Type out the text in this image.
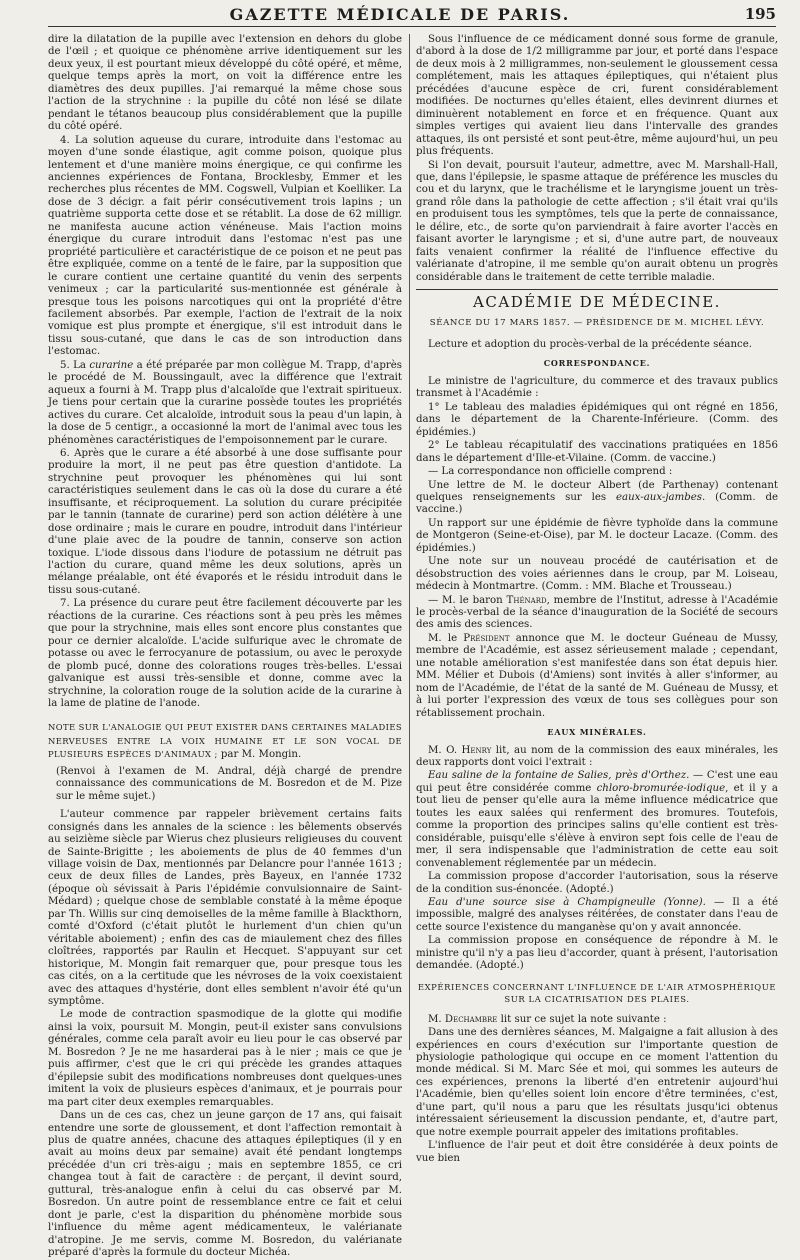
GAZETTE MÉDICALE DE PARIS.	195

dire la dilatation de la pupille avec l'extension en dehors du globe de l'œil ; et quoique ce phénomène arrive identiquement sur les deux yeux, il est pourtant mieux développé du côté opéré, et même, quelque temps après la mort, on voit la différence entre les diamètres des deux pupilles. J'ai remarqué la même chose sous l'action de la strychnine : la pupille du côté non lésé se dilate pendant le tétanos beaucoup plus considérablement que la pupille du côté opéré.

4. La solution aqueuse du curare, introduite dans l'estomac au moyen d'une sonde élastique, agit comme poison, quoique plus lentement et d'une manière moins énergique, ce qui confirme les anciennes expériences de Fontana, Brocklesby, Emmer et les recherches plus récentes de MM. Cogswell, Vulpian et Koelliker. La dose de 3 décigr. a fait périr consécutivement trois lapins ; un quatrième supporta cette dose et se rétablit. La dose de 62 milligr. ne manifesta aucune action vénéneuse. Mais l'action moins énergique du curare introduit dans l'estomac n'est pas une propriété particulière et caractéristique de ce poison et ne peut pas être expliquée, comme on a tenté de le faire, par la supposition que le curare contient une certaine quantité du venin des serpents venimeux ; car la particularité sus-mentionnée est générale à presque tous les poisons narcotiques qui ont la propriété d'être facilement absorbés. Par exemple, l'action de l'extrait de la noix vomique est plus prompte et énergique, s'il est introduit dans le tissu sous-cutané, que dans le cas de son introduction dans l'estomac.

5. La curarine a été préparée par mon collègue M. Trapp, d'après le procédé de M. Boussingault, avec la différence que l'extrait aqueux a fourni à M. Trapp plus d'alcaloïde que l'extrait spiritueux. Je tiens pour certain que la curarine possède toutes les propriétés actives du curare. Cet alcaloïde, introduit sous la peau d'un lapin, à la dose de 5 centigr., a occasionné la mort de l'animal avec tous les phénomènes caractéristiques de l'empoisonnement par le curare.

6. Après que le curare a été absorbé à une dose suffisante pour produire la mort, il ne peut pas être question d'antidote. La strychnine peut provoquer les phénomènes qui lui sont caractéristiques seulement dans le cas où la dose du curare a été insuffisante, et réciproquement. La solution du curare précipitée par le tannin (tannate de curarine) perd son action délétère à une dose ordinaire ; mais le curare en poudre, introduit dans l'intérieur d'une plaie avec de la poudre de tannin, conserve son action toxique. L'iode dissous dans l'iodure de potassium ne détruit pas l'action du curare, quand même les deux solutions, après un mélange préalable, ont été évaporés et le résidu introduit dans le tissu sous-cutané.

7. La présence du curare peut être facilement découverte par les réactions de la curarine. Ces réactions sont à peu près les mêmes que pour la strychnine, mais elles sont encore plus constantes que pour ce dernier alcaloïde. L'acide sulfurique avec le chromate de potasse ou avec le ferrocyanure de potassium, ou avec le peroxyde de plomb pucé, donne des colorations rouges très-belles. L'essai galvanique est aussi très-sensible et donne, comme avec la strychnine, la coloration rouge de la solution acide de la curarine à la lame de platine de l'anode.

NOTE SUR L'ANALOGIE QUI PEUT EXISTER DANS CERTAINES MALADIES NERVEUSES ENTRE LA VOIX HUMAINE ET LE SON VOCAL DE PLUSIEURS ESPÈCES D'ANIMAUX ; par M. Mongin.

(Renvoi à l'examen de M. Andral, déjà chargé de prendre connaissance des communications de M. Bosredon et de M. Pize sur le même sujet.)

L'auteur commence par rappeler brièvement certains faits consignés dans les annales de la science : les bêlements observés au seizième siècle par Wierus chez plusieurs religieuses du couvent de Sainte-Brigitte ; les aboiements de plus de 40 femmes d'un village voisin de Dax, mentionnés par Delancre pour l'année 1613 ; ceux de deux filles de Landes, près Bayeux, en l'année 1732 (époque où sévissait à Paris l'épidémie convulsionnaire de Saint-Médard) ; quelque chose de semblable constaté à la même époque par Th. Willis sur cinq demoiselles de la même famille à Blackthorn, comté d'Oxford (c'était plutôt le hurlement d'un chien qu'un véritable aboiement) ; enfin des cas de miaulement chez des filles cloîtrées, rapportés par Raulin et Hecquet. S'appuyant sur cet historique, M. Mongin fait remarquer que, pour presque tous les cas cités, on a la certitude que les névroses de la voix coexistaient avec des attaques d'hystérie, dont elles semblent n'avoir été qu'un symptôme.

Le mode de contraction spasmodique de la glotte qui modifie ainsi la voix, poursuit M. Mongin, peut-il exister sans convulsions générales, comme cela paraît avoir eu lieu pour le cas observé par M. Bosredon ? Je ne me hasarderai pas à le nier ; mais ce que je puis affirmer, c'est que le cri qui précède les grandes attaques d'épilepsie subit des modifications nombreuses dont quelques-unes imitent la voix de plusieurs espèces d'animaux, et je pourrais pour ma part citer deux exemples remarquables.

Dans un de ces cas, chez un jeune garçon de 17 ans, qui faisait entendre une sorte de gloussement, et dont l'affection remontait à plus de quatre années, chacune des attaques épileptiques (il y en avait au moins deux par semaine) avait été pendant longtemps précédée d'un cri très-aigu ; mais en septembre 1855, ce cri changea tout à fait de caractère : de perçant, il devint sourd, guttural, très-analogue enfin à celui du cas observé par M. Bosredon. Un autre point de ressemblance entre ce fait et celui dont je parle, c'est la disparition du phénomène morbide sous l'influence du même agent médicamenteux, le valérianate d'atropine. Je me servis, comme M. Bosredon, du valérianate préparé d'après la formule du docteur Michéa.

Sous l'influence de ce médicament donné sous forme de granule, d'abord à la dose de 1/2 milligramme par jour, et porté dans l'espace de deux mois à 2 milligrammes, non-seulement le gloussement cessa complétement, mais les attaques épileptiques, qui n'étaient plus précédées d'aucune espèce de cri, furent considérablement modifiées. De nocturnes qu'elles étaient, elles devinrent diurnes et diminuèrent notablement en force et en fréquence. Quant aux simples vertiges qui avaient lieu dans l'intervalle des grandes attaques, ils ont persisté et sont peut-être, même aujourd'hui, un peu plus fréquents.

Si l'on devait, poursuit l'auteur, admettre, avec M. Marshall-Hall, que, dans l'épilepsie, le spasme attaque de préférence les muscles du cou et du larynx, que le trachélisme et le laryngisme jouent un très-grand rôle dans la pathologie de cette affection ; s'il était vrai qu'ils en produisent tous les symptômes, tels que la perte de connaissance, le délire, etc., de sorte qu'on parviendrait à faire avorter l'accès en faisant avorter le laryngisme ; et si, d'une autre part, de nouveaux faits venaient confirmer la réalité de l'influence effective du valérianate d'atropine, il me semble qu'on aurait obtenu un progrès considérable dans le traitement de cette terrible maladie.

ACADÉMIE DE MÉDECINE.
SÉANCE DU 17 MARS 1857. — PRÉSIDENCE DE M. MICHEL LÉVY.

Lecture et adoption du procès-verbal de la précédente séance.

CORRESPONDANCE.

Le ministre de l'agriculture, du commerce et des travaux publics transmet à l'Académie :

1° Le tableau des maladies épidémiques qui ont régné en 1856, dans le département de la Charente-Inférieure. (Comm. des épidémies.)

2° Le tableau récapitulatif des vaccinations pratiquées en 1856 dans le département d'Ille-et-Vilaine. (Comm. de vaccine.)

— La correspondance non officielle comprend :

Une lettre de M. le docteur Albert (de Parthenay) contenant quelques renseignements sur les eaux-aux-jambes. (Comm. de vaccine.)

Un rapport sur une épidémie de fièvre typhoïde dans la commune de Montgeron (Seine-et-Oise), par M. le docteur Lacaze. (Comm. des épidémies.)

Une note sur un nouveau procédé de cautérisation et de désobstruction des voies aériennes dans le croup, par M. Loiseau, médecin à Montmartre. (Comm. : MM. Blache et Trousseau.)

— M. le baron Thénard, membre de l'Institut, adresse à l'Académie le procès-verbal de la séance d'inauguration de la Société de secours des amis des sciences.

M. le Président annonce que M. le docteur Guéneau de Mussy, membre de l'Académie, est assez sérieusement malade ; cependant, une notable amélioration s'est manifestée dans son état depuis hier. MM. Mélier et Dubois (d'Amiens) sont invités à aller s'informer, au nom de l'Académie, de l'état de la santé de M. Guéneau de Mussy, et à lui porter l'expression des vœux de tous ses collègues pour son rétablissement prochain.

EAUX MINÉRALES.

M. O. Henry lit, au nom de la commission des eaux minérales, les deux rapports dont voici l'extrait :

Eau saline de la fontaine de Salies, près d'Orthez. — C'est une eau qui peut être considérée comme chloro-bromurée-iodique, et il y a tout lieu de penser qu'elle aura la même influence médicatrice que toutes les eaux salées qui renferment des bromures. Toutefois, comme la proportion des principes salins qu'elle contient est très-considérable, puisqu'elle s'élève à environ sept fois celle de l'eau de mer, il sera indispensable que l'administration de cette eau soit convenablement réglementée par un médecin.

La commission propose d'accorder l'autorisation, sous la réserve de la condition sus-énoncée. (Adopté.)

Eau d'une source sise à Champigneulle (Yonne). — Il a été impossible, malgré des analyses réitérées, de constater dans l'eau de cette source l'existence du manganèse qu'on y avait annoncée.

La commission propose en conséquence de répondre à M. le ministre qu'il n'y a pas lieu d'accorder, quant à présent, l'autorisation demandée. (Adopté.)

EXPÉRIENCES CONCERNANT L'INFLUENCE DE L'AIR ATMOSPHÉRIQUE
SUR LA CICATRISATION DES PLAIES.

M. Dechambre lit sur ce sujet la note suivante :

Dans une des dernières séances, M. Malgaigne a fait allusion à des expériences en cours d'exécution sur l'importante question de physiologie pathologique qui occupe en ce moment l'attention du monde médical. Si M. Marc Sée et moi, qui sommes les auteurs de ces expériences, prenons la liberté d'en entretenir aujourd'hui l'Académie, bien qu'elles soient loin encore d'être terminées, c'est, d'une part, qu'il nous a paru que les résultats jusqu'ici obtenus intéressaient sérieusement la discussion pendante, et, d'autre part, que notre exemple pourrait appeler des imitations profitables.

L'influence de l'air peut et doit être considérée à deux points de vue bien
